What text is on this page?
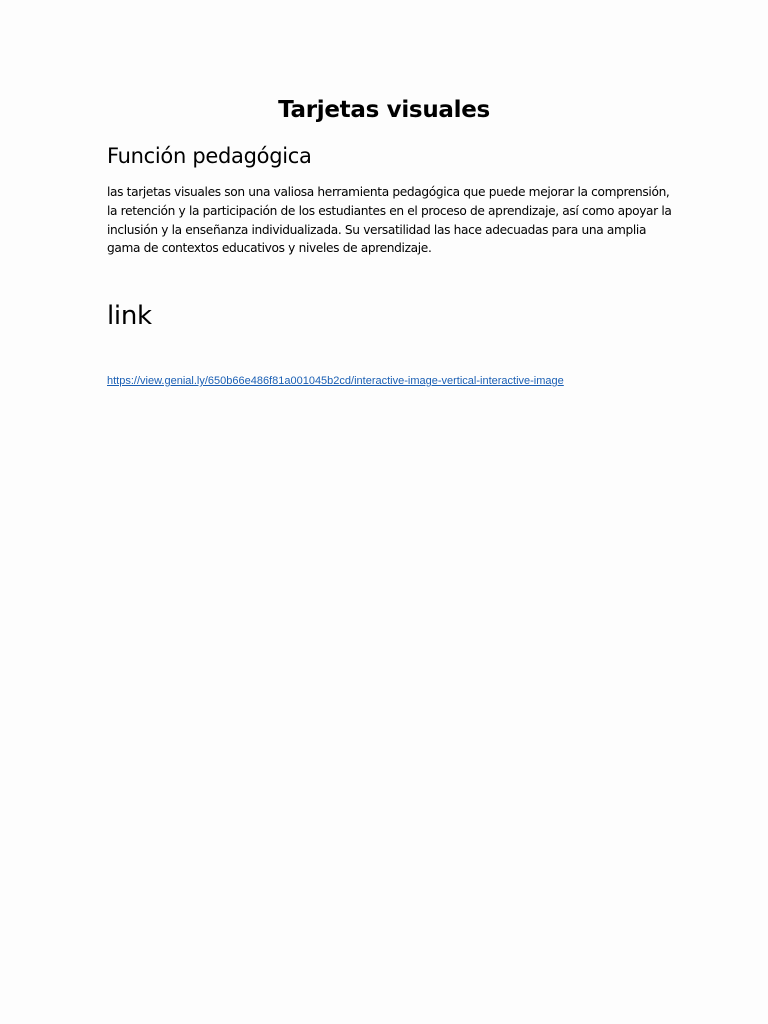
Tarjetas visuales
Función pedagógica

las tarjetas visuales son una valiosa herramienta pedagógica que puede mejorar la comprensión, la retención y la participación de los estudiantes en el proceso de aprendizaje, así como apoyar la inclusión y la enseñanza individualizada. Su versatilidad las hace adecuadas para una amplia gama de contextos educativos y niveles de aprendizaje.

link
https://view.genial.ly/650b66e486f81a001045b2cd/interactive-image-vertical-interactive-image
